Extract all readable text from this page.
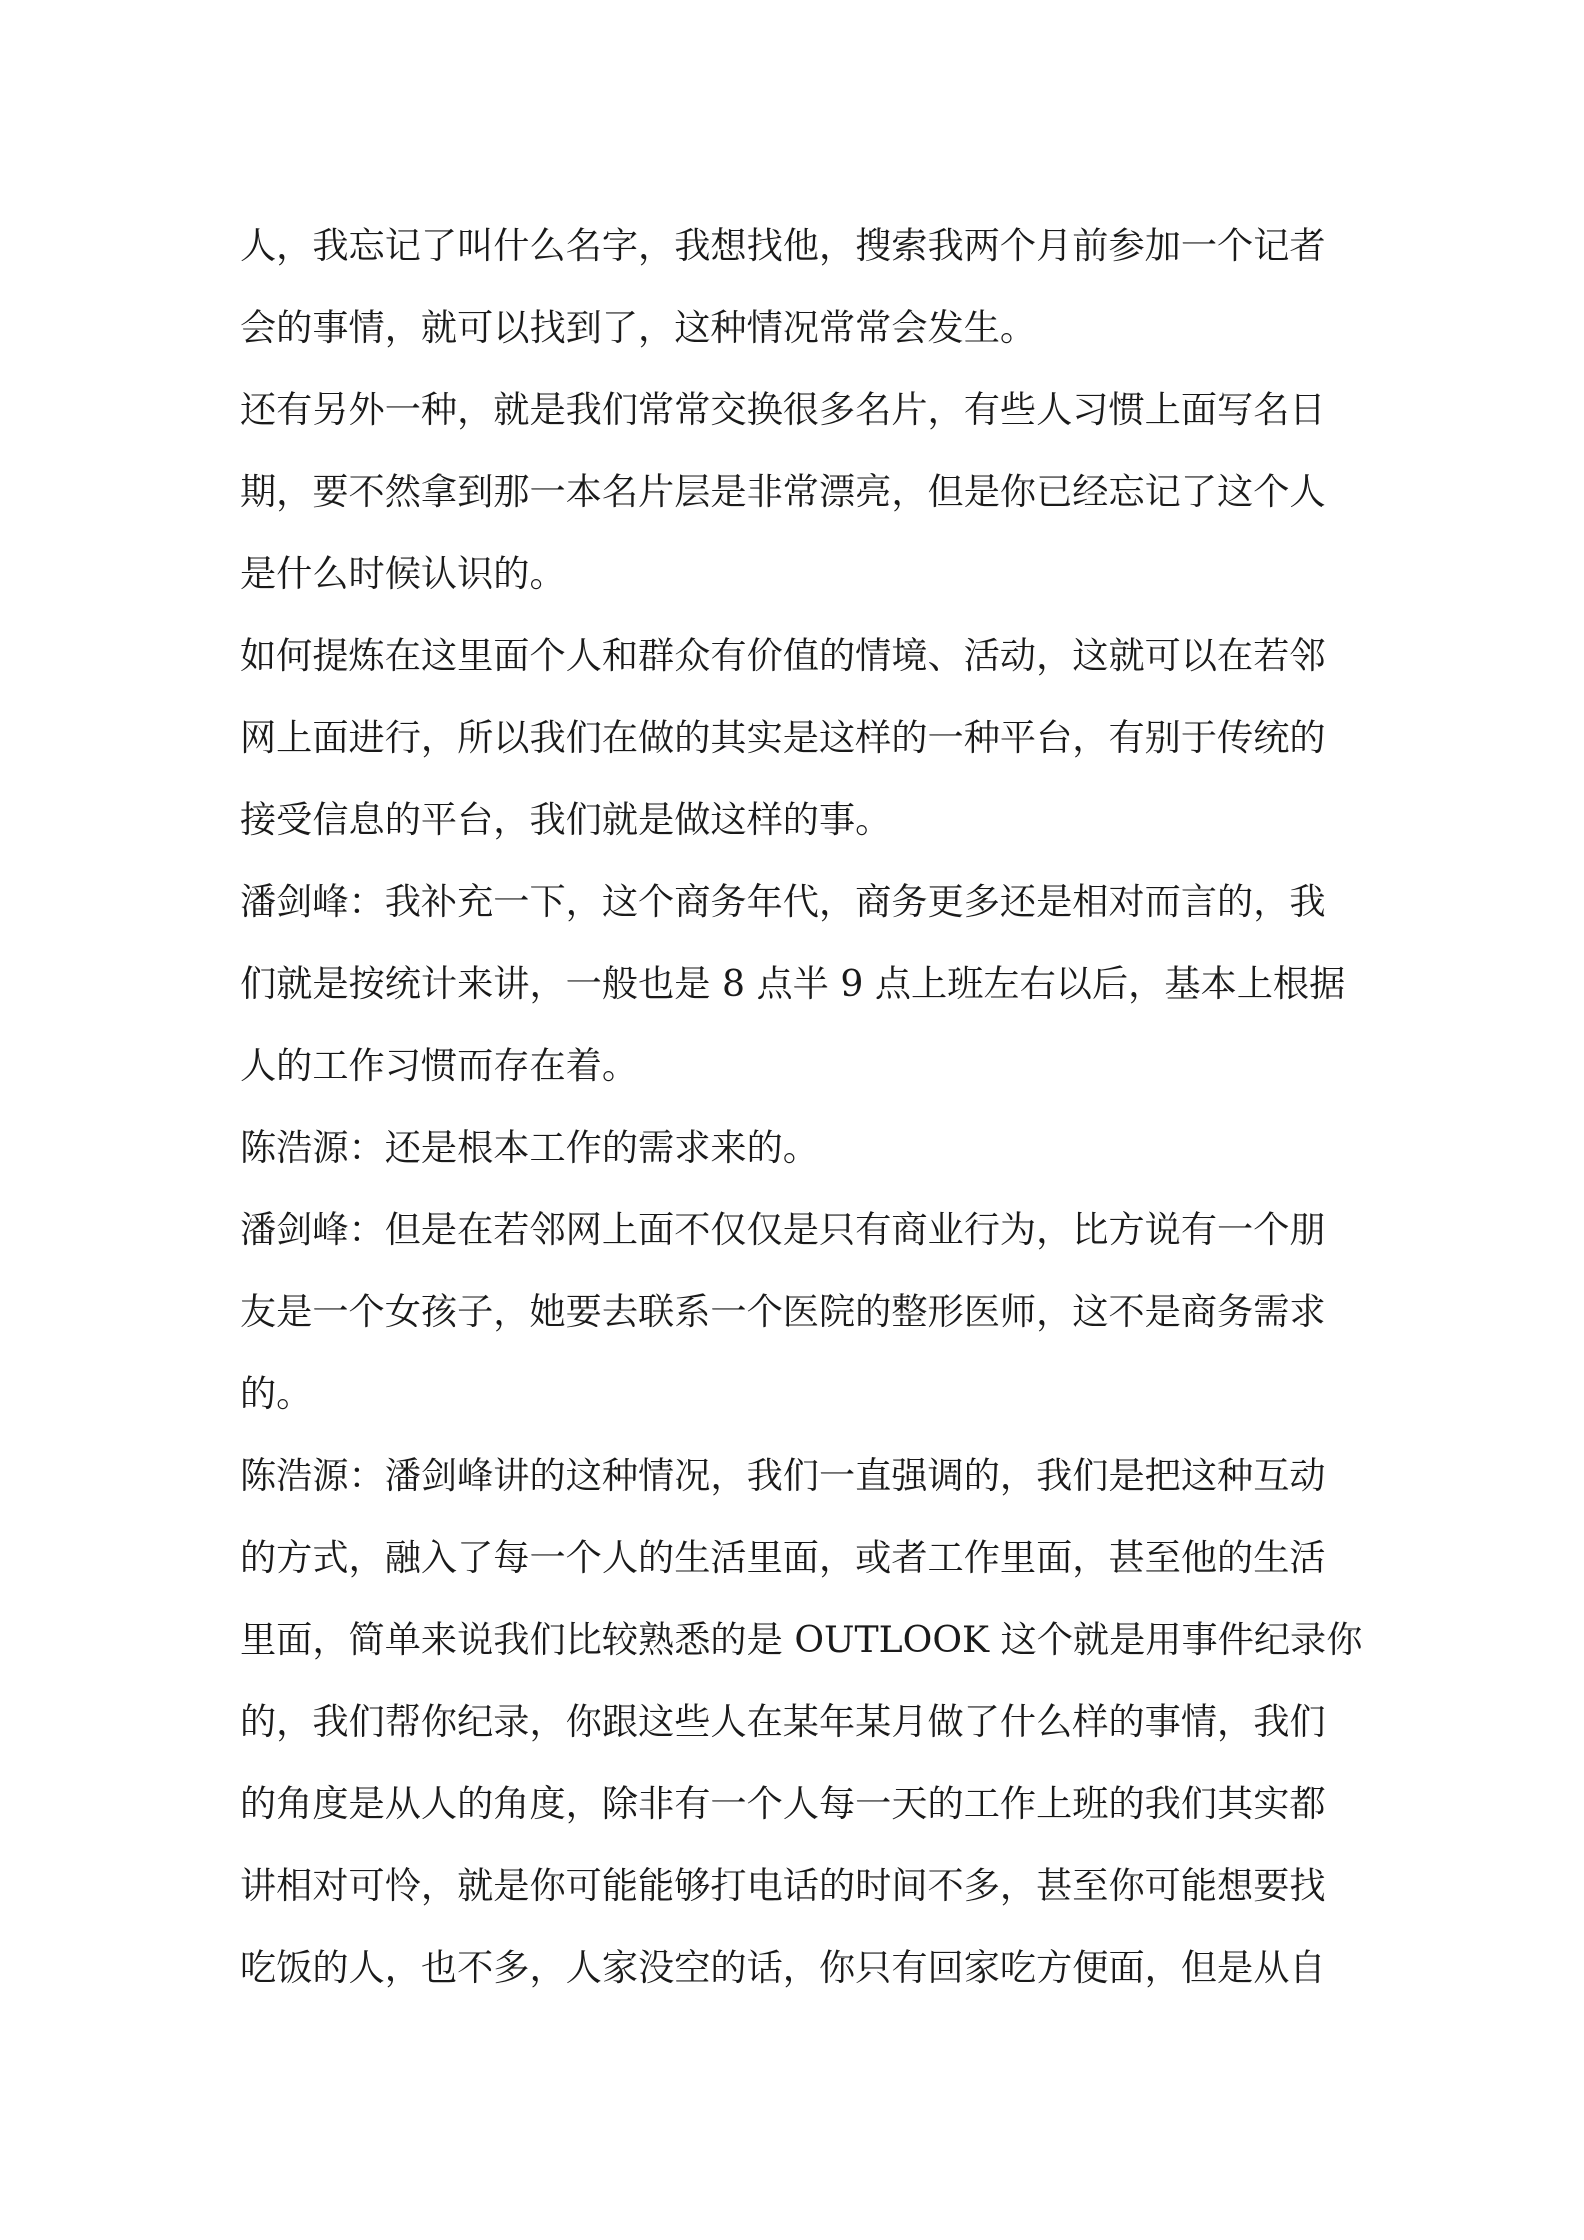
人，我忘记了叫什么名字，我想找他，搜索我两个月前参加一个记者
会的事情，就可以找到了，这种情况常常会发生。
还有另外一种，就是我们常常交换很多名片，有些人习惯上面写名日
期，要不然拿到那一本名片层是非常漂亮，但是你已经忘记了这个人
是什么时候认识的。
如何提炼在这里面个人和群众有价值的情境、活动，这就可以在若邻
网上面进行，所以我们在做的其实是这样的一种平台，有别于传统的
接受信息的平台，我们就是做这样的事。
潘剑峰：我补充一下，这个商务年代，商务更多还是相对而言的，我
们就是按统计来讲，一般也是 8 点半 9 点上班左右以后，基本上根据
人的工作习惯而存在着。
陈浩源：还是根本工作的需求来的。
潘剑峰：但是在若邻网上面不仅仅是只有商业行为，比方说有一个朋
友是一个女孩子，她要去联系一个医院的整形医师，这不是商务需求
的。
陈浩源：潘剑峰讲的这种情况，我们一直强调的，我们是把这种互动
的方式，融入了每一个人的生活里面，或者工作里面，甚至他的生活
里面，简单来说我们比较熟悉的是 OUTLOOK 这个就是用事件纪录你
的，我们帮你纪录，你跟这些人在某年某月做了什么样的事情，我们
的角度是从人的角度，除非有一个人每一天的工作上班的我们其实都
讲相对可怜，就是你可能能够打电话的时间不多，甚至你可能想要找
吃饭的人，也不多，人家没空的话，你只有回家吃方便面，但是从自
